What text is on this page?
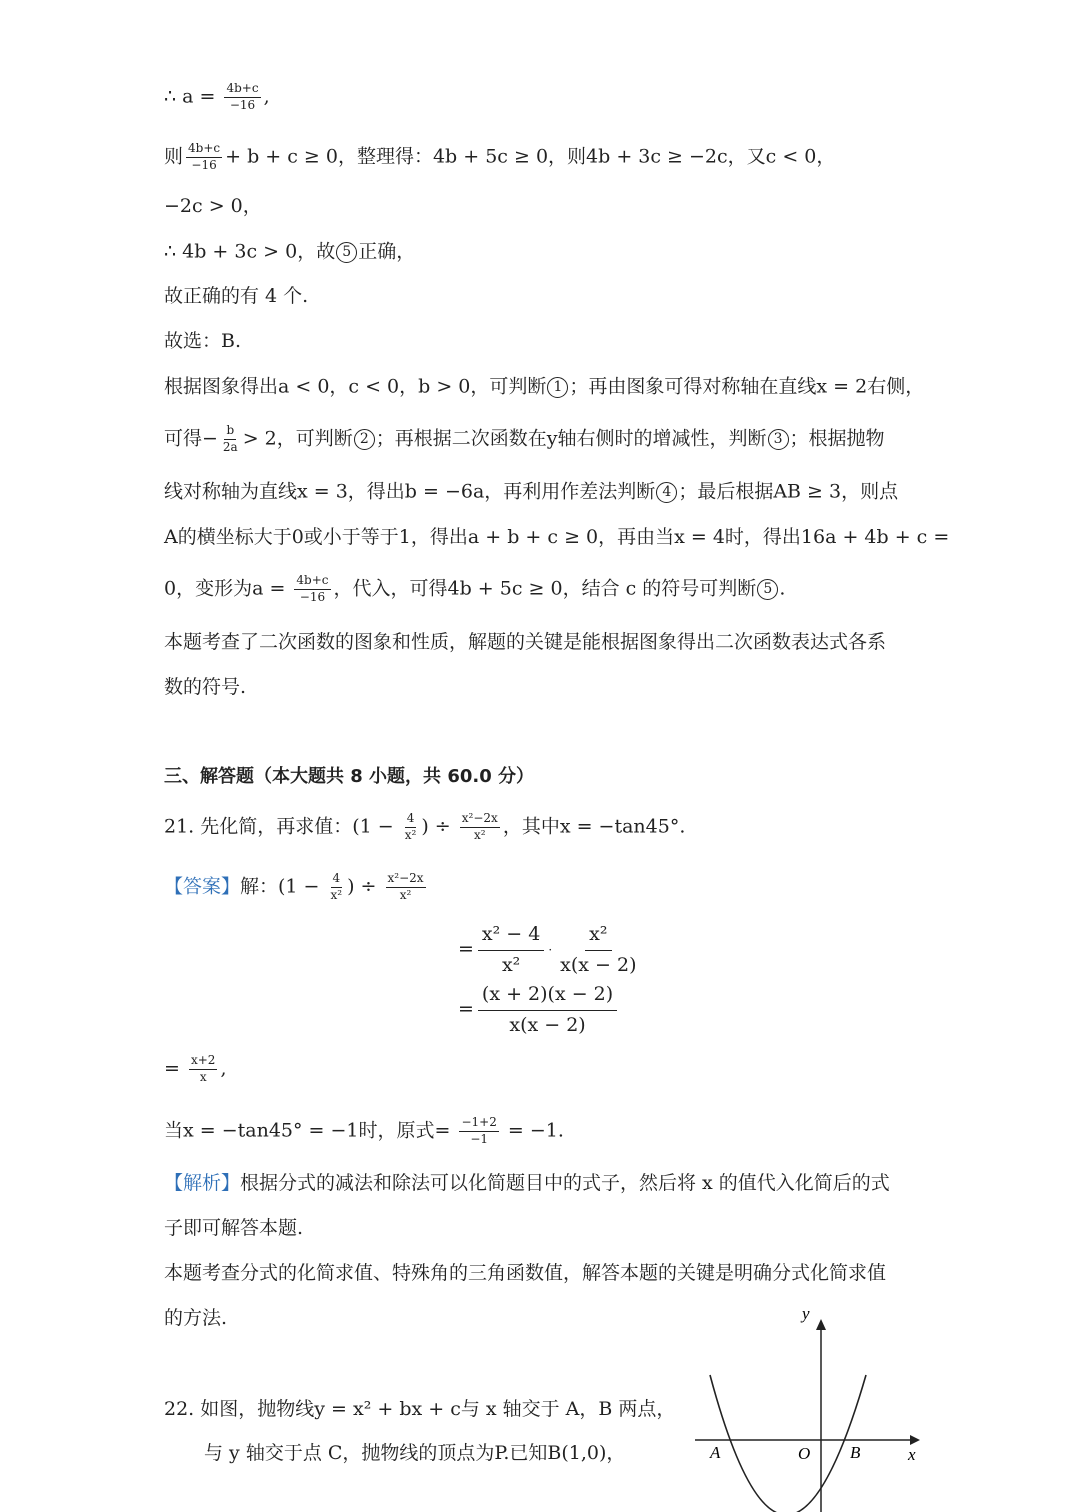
∴ $a = \frac{4b+c}{-16}$ ,
则 $\frac{4b+c}{-16} + b + c \ge 0$，整理得：4b + 5c ≥ 0，则4b + 3c ≥ −2c，又c < 0，
−2c > 0，
∴ 4b + 3c > 0，故 5 正确，
故正确的有 4 个.
故选：B.
根据图象得出a < 0，c < 0，b > 0，可判断 1 ；再由图象可得对称轴在直线x = 2右侧，
可得− $\frac{b}{2a} > 2$，可判断 2 ；再根据二次函数在y轴右侧时的增减性，判断 3 ；根据抛物
线对称轴为直线x = 3，得出b = −6a，再利用作差法判断 4 ；最后根据AB ≥ 3，则点
A的横坐标大于0或小于等于1，得出a + b + c ≥ 0，再由当x = 4时，得出16a + 4b + c =
0，变形为$a = \frac{4b+c}{-16}$ ，代入，可得4b + 5c ≥ 0，结合 c 的符号可判断 5 .
本题考查了二次函数的图象和性质，解题的关键是能根据图象得出二次函数表达式各系
数的符号.
三、解答题（本大题共 8 小题，共 60.0 分）
21. 先化简，再求值：($1 - \frac{4}{\text{x²}}$ ) ÷ $\frac{\text{x²−2x}}{\text{x²}}$ ，其中x = −tan45°.
【答案】解：($1 - \frac{4}{\text{x²}}$ ) ÷ $\frac{\text{x²−2x}}{\text{x²}}$
= $\frac{\text{x² − 4}}{\text{x²}} \cdot \frac{\text{x²}}{x(x - 2)}$
= $\frac{(x + 2)(x - 2)}{x(x - 2)}$
= $\frac{x+2}{x}$ ,
当x = −tan45° = −1时，原式= $\frac{-1+2}{-1} = -1$.
【解析】根据分式的减法和除法可以化简题目中的式子，然后将 x 的值代入化简后的式
子即可解答本题.
本题考查分式的化简求值、特殊角的三角函数值，解答本题的关键是明确分式化简求值
的方法.
22. 如图，抛物线y = x² + bx + c与 x 轴交于 A，B 两点，
与 y 轴交于点 C，抛物线的顶点为P.已知B(1,0)，
y
x
O
A	B
